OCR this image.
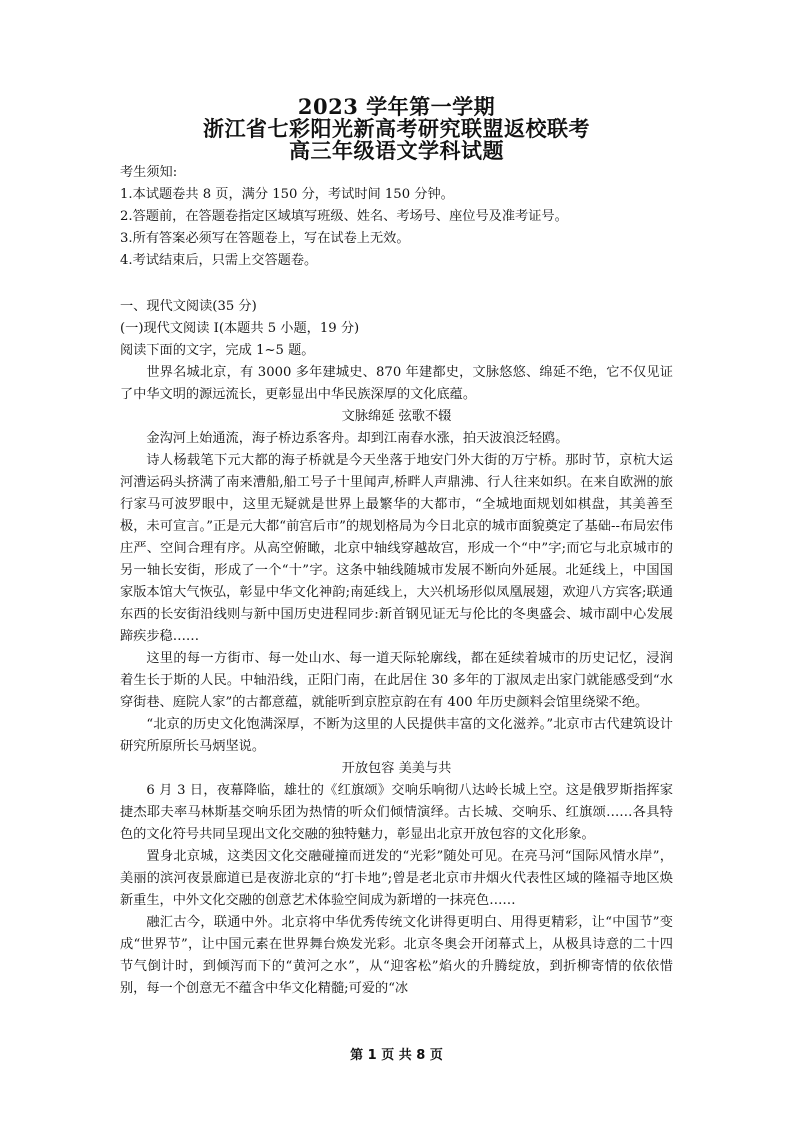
2023 学年第一学期
浙江省七彩阳光新高考研究联盟返校联考
高三年级语文学科试题

考生须知:

1.本试题卷共 8 页，满分 150 分，考试时间 150 分钟。

2.答题前，在答题卷指定区域填写班级、姓名、考场号、座位号及准考证号。

3.所有答案必须写在答题卷上，写在试卷上无效。

4.考试结束后，只需上交答题卷。

一、现代文阅读(35 分)

(一)现代文阅读 I(本题共 5 小题，19 分)

阅读下面的文字，完成 1~5 题。

世界名城北京，有 3000 多年建城史、870 年建都史，文脉悠悠、绵延不绝，它不仅见证了中华文明的源远流长，更彰显出中华民族深厚的文化底蕴。

文脉绵延 弦歌不辍

金沟河上始通流，海子桥边系客舟。却到江南春水涨，拍天波浪泛轻鸥。

诗人杨载笔下元大都的海子桥就是今天坐落于地安门外大街的万宁桥。那时节，京杭大运河漕运码头挤满了南来漕船,船工号子十里闻声,桥畔人声鼎沸、行人往来如织。在来自欧洲的旅行家马可波罗眼中，这里无疑就是世界上最繁华的大都市，“全城地面规划如棋盘，其美善至极，未可宣言。”正是元大都“前宫后市”的规划格局为今日北京的城市面貌奠定了基础--布局宏伟庄严、空间合理有序。从高空俯瞰，北京中轴线穿越故宫，形成一个“中”字;而它与北京城市的另一轴长安街，形成了一个“十”字。这条中轴线随城市发展不断向外延展。北延线上，中国国家版本馆大气恢弘，彰显中华文化神韵;南延线上，大兴机场形似凤凰展翅，欢迎八方宾客;联通东西的长安街沿线则与新中国历史进程同步:新首钢见证无与伦比的冬奥盛会、城市副中心发展蹄疾步稳……

这里的每一方街市、每一处山水、每一道天际轮廓线，都在延续着城市的历史记忆，浸润着生长于斯的人民。中轴沿线，正阳门南，在此居住 30 多年的丁淑凤走出家门就能感受到“水穿街巷、庭院人家”的古都意蕴，就能听到京腔京韵在有 400 年历史颜料会馆里绕梁不绝。

“北京的历史文化饱满深厚，不断为这里的人民提供丰富的文化滋养。”北京市古代建筑设计研究所原所长马炳坚说。

开放包容 美美与共

6 月 3 日，夜幕降临，雄壮的《红旗颂》交响乐响彻八达岭长城上空。这是俄罗斯指挥家捷杰耶夫率马林斯基交响乐团为热情的听众们倾情演绎。古长城、交响乐、红旗颂……各具特色的文化符号共同呈现出文化交融的独特魅力，彰显出北京开放包容的文化形象。

置身北京城，这类因文化交融碰撞而迸发的“光彩”随处可见。在亮马河“国际风情水岸”，美丽的滨河夜景廊道已是夜游北京的“打卡地”;曾是老北京市井烟火代表性区域的隆福寺地区焕新重生，中外文化交融的创意艺术体验空间成为新增的一抹亮色……

融汇古今，联通中外。北京将中华优秀传统文化讲得更明白、用得更精彩，让“中国节”变成“世界节”，让中国元素在世界舞台焕发光彩。北京冬奥会开闭幕式上，从极具诗意的二十四节气倒计时，到倾泻而下的“黄河之水”，从“迎客松”焰火的升腾绽放，到折柳寄情的依依惜别，每一个创意无不蕴含中华文化精髓;可爱的“冰

第 1 页 共 8 页
